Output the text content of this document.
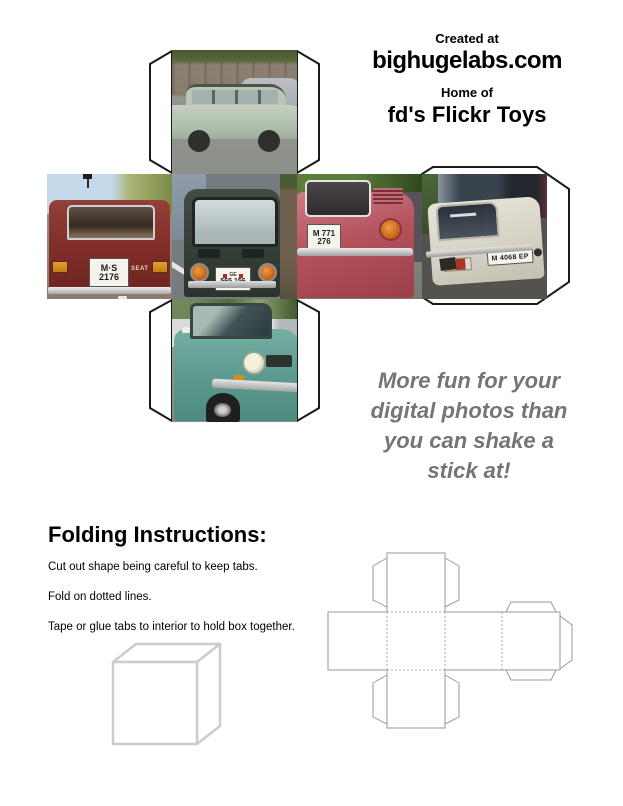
M·S
2176
SEAT
GE
M 771
276
M 4068 EP
Created at
bighugelabs.com
Home of
fd's Flickr Toys
More fun for your
digital photos than
you can shake a
stick at!
Folding Instructions:

Cut out shape being careful to keep tabs.

Fold on dotted lines.

Tape or glue tabs to interior to hold box together.
